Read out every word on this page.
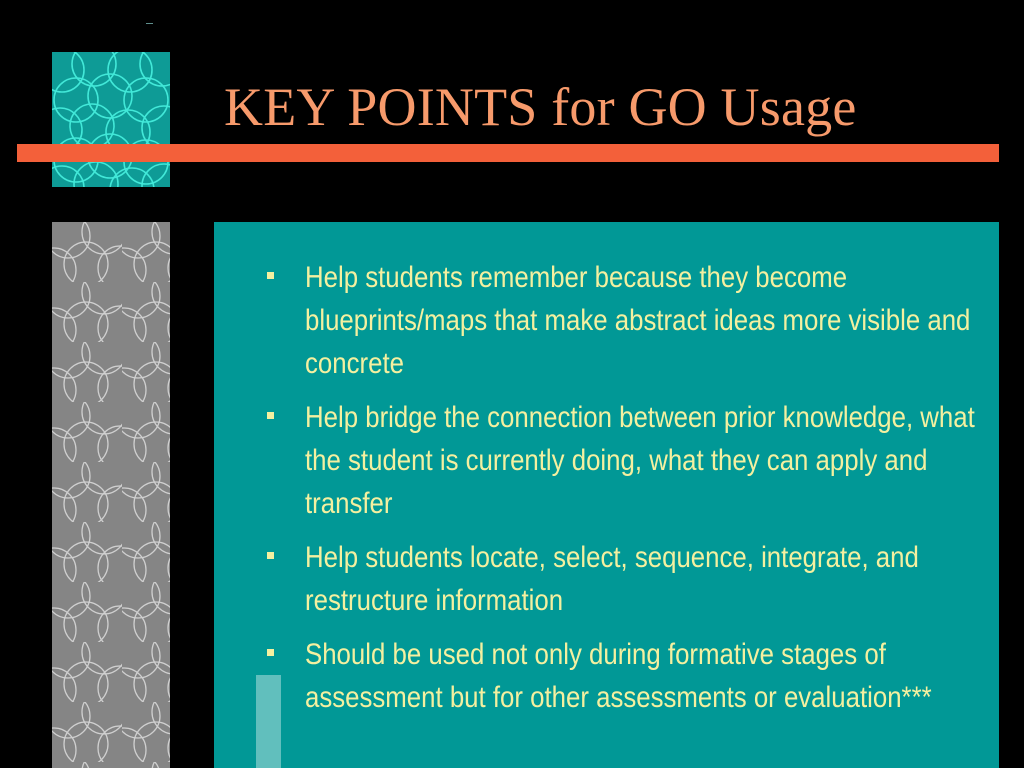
KEY POINTS for GO Usage
Help students remember because they become blueprints/maps that make abstract ideas more visible and concrete
Help bridge the connection between prior knowledge, what the student is currently doing, what they can apply and transfer
Help students locate, select, sequence, integrate, and restructure information
Should be used not only during formative stages of assessment but for other assessments or evaluation***
